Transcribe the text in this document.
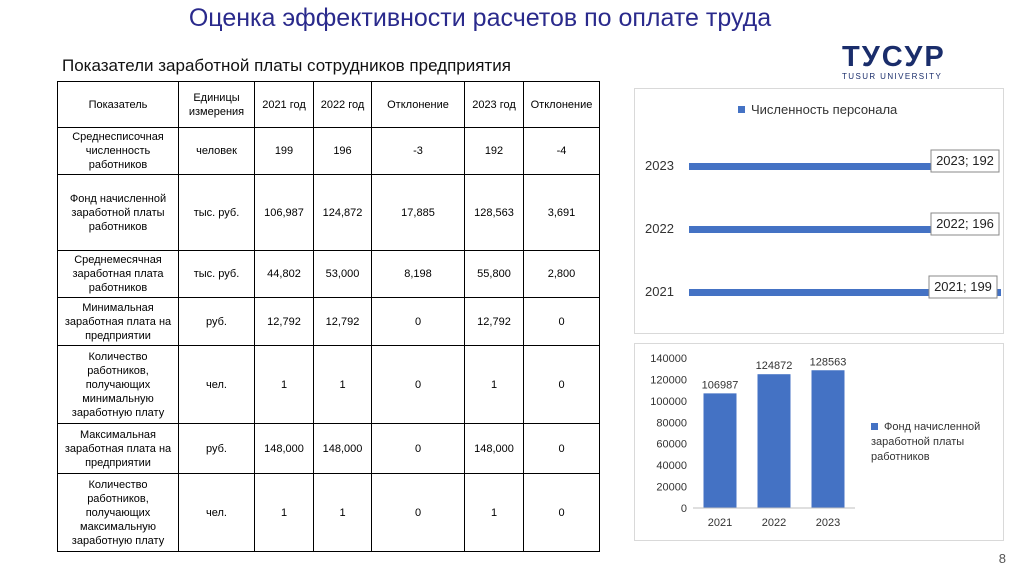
Оценка эффективности расчетов по оплате труда
Показатели заработной платы сотрудников предприятия	ТУСУР
TUSUR UNIVERSITY
Показатель	Единицы измерения	2021 год	2022 год	Отклонение	2023 год	Отклонение
Среднесписочная численность работников	человек	199	196	-3	192	-4
Фонд начисленной заработной платы работников	тыс. руб.	106,987	124,872	17,885	128,563	3,691
Среднемесячная заработная плата работников	тыс. руб.	44,802	53,000	8,198	55,800	2,800
Минимальная заработная плата на предприятии	руб.	12,792	12,792	0	12,792	0
Количество работников, получающих минимальную заработную плату	чел.	1	1	0	1	0
Максимальная заработная плата на предприятии	руб.	148,000	148,000	0	148,000	0
Количество работников, получающих максимальную заработную плату	чел.	1	1	0	1	0
Численность персонала
2023	2023; 192
2022	2022; 196
2021	2021; 199
0
20000
40000
60000
80000
100000
120000
140000
106987
2021
124872
2022
128563
2023
Фонд начисленной заработной платы работников
8
